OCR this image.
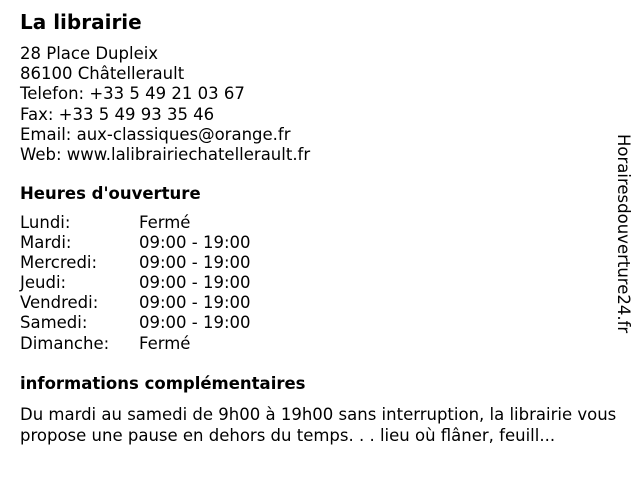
La librairie
28 Place Dupleix
86100 Châtellerault
Telefon: +33 5 49 21 03 67
Fax: +33 5 49 93 35 46
Email: aux-classiques@orange.fr
Web: www.lalibrairiechatellerault.fr
Heures d'ouverture
Lundi:	Fermé
Mardi:	09:00 - 19:00
Mercredi:	09:00 - 19:00
Jeudi:	09:00 - 19:00
Vendredi: 09:00 - 19:00
Samedi:	09:00 - 19:00
Dimanche: Fermé
informations complémentaires
Du mardi au samedi de 9h00 à 19h00 sans interruption, la librairie vous propose une pause en dehors du temps. . . lieu où flâner, feuill...
Horairesdouverture24.fr
